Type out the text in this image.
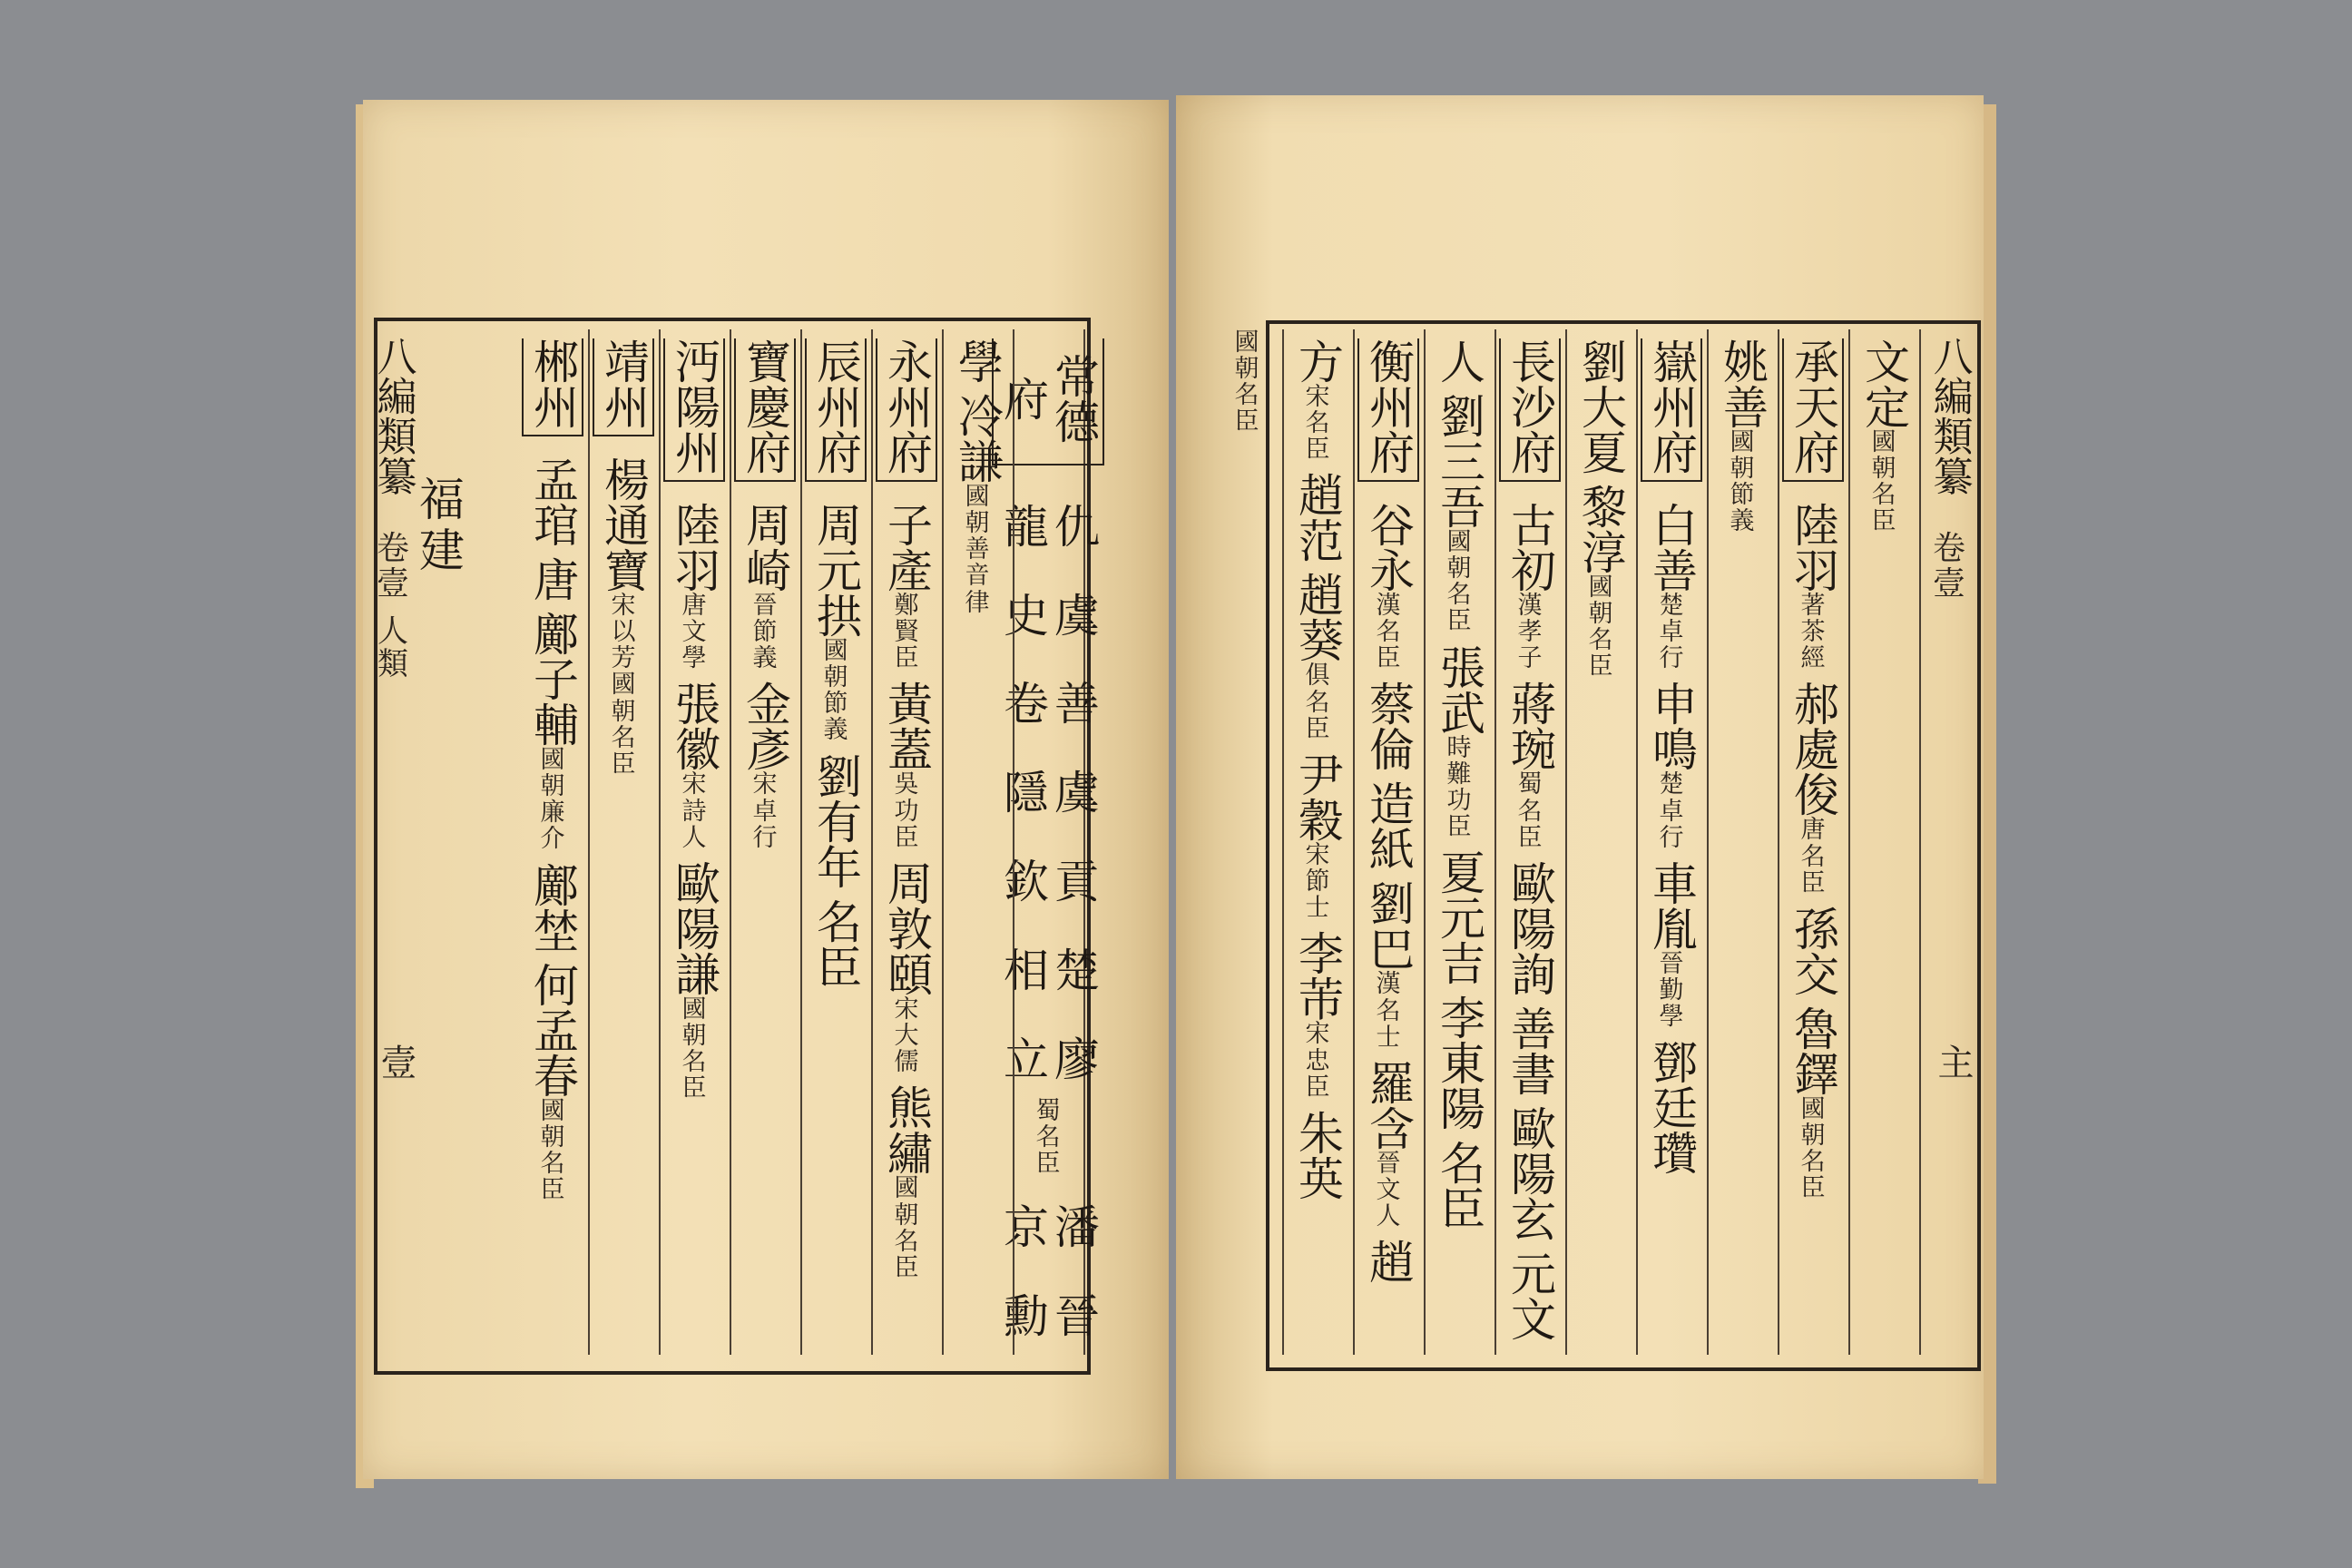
八編類纂
卷壹
人類
壹
福建
常德府
仇龍
虞史
善卷
虞隱
貢欽
楚相
廖立
蜀名臣
潘京
晉勳
學
冷謙
國朝善音律
永州府
子產
鄭賢臣
黃蓋
吳功臣
周敦頤
宋大儒
熊繡
國朝名臣
辰州府
周元拱
國朝節義
劉有年
名臣
寶慶府
周崎
晉節義
金彥
宋卓行
沔陽州
陸羽
唐文學
張徽
宋詩人
歐陽謙
國朝名臣
靖州
楊通寶
宋以芳
國朝名臣
郴州
孟琯
唐
鄺子輔
國朝廉介
鄺埜
何孟春
國朝名臣
八編類纂
卷壹
主
文定
國朝名臣
承天府
陸羽
著茶經
郝處俊
唐名臣
孫交
魯鐸
國朝名臣
姚善
國朝節義
嶽州府
白善
楚卓行
申鳴
楚卓行
車胤
晉勤學
鄧廷瓚
劉大夏
黎淳
國朝名臣
長沙府
古初
漢孝子
蔣琬
蜀名臣
歐陽詢
善書
歐陽玄
元文
人
劉三吾
國朝名臣
張武
時難功臣
夏元吉
李東陽
名臣
衡州府
谷永
漢名臣
蔡倫
造紙
劉巴
漢名士
羅含
晉文人
趙
方
宋名臣
趙范
趙葵
俱名臣
尹穀
宋節士
李芾
宋忠臣
朱英
國朝名臣
